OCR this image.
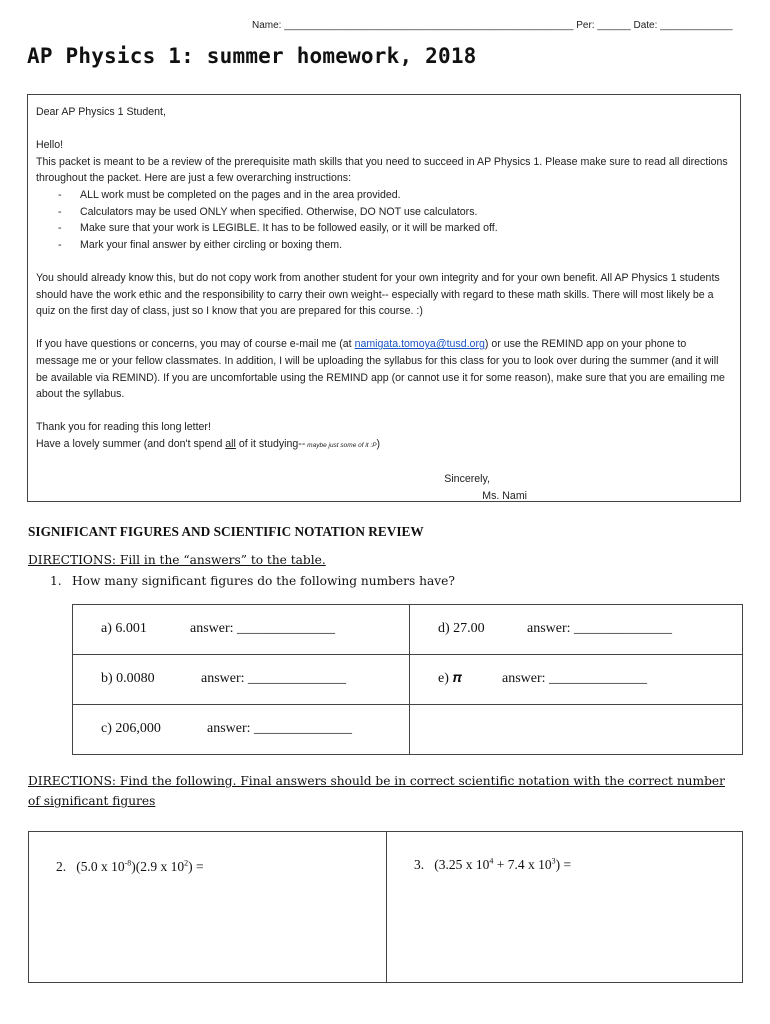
Name: ____________________________________________________ Per: ______ Date: _____________
AP Physics 1: summer homework, 2018

Dear AP Physics 1 Student,

Hello!

This packet is meant to be a review of the prerequisite math skills that you need to succeed in AP Physics 1. Please make sure to read all directions throughout the packet. Here are just a few overarching instructions:

- ALL work must be completed on the pages and in the area provided.
- Calculators may be used ONLY when specified. Otherwise, DO NOT use calculators.
- Make sure that your work is LEGIBLE. It has to be followed easily, or it will be marked off.
- Mark your final answer by either circling or boxing them.

You should already know this, but do not copy work from another student for your own integrity and for your own benefit. All AP Physics 1 students should have the work ethic and the responsibility to carry their own weight-- especially with regard to these math skills. There will most likely be a quiz on the first day of class, just so I know that you are prepared for this course. :)

If you have questions or concerns, you may of course e-mail me (at namigata.tomoya@tusd.org) or use the REMIND app on your phone to message me or your fellow classmates. In addition, I will be uploading the syllabus for this class for you to look over during the summer (and it will be available via REMIND). If you are uncomfortable using the REMIND app (or cannot use it for some reason), make sure that you are emailing me about the syllabus.

Thank you for reading this long letter!

Have a lovely summer (and don't spend all of it studying-- maybe just some of it :P)

Sincerely,

Ms. Nami

SIGNIFICANT FIGURES AND SCIENTIFIC NOTATION REVIEW
DIRECTIONS: Fill in the “answers” to the table.
1. How many significant figures do the following numbers have?
a) 6.001 answer: ______________	d) 27.00 answer: ______________

b) 0.0080 answer: ______________	e) 𝝅 answer: ______________

c) 206,000 answer: ______________	

DIRECTIONS: Find the following. Final answers should be in correct scientific notation with the correct number of significant figures
2. (5.0 x $10^{-8})(2.9$ x $10^2$) =	3. (3.25 x $10^4 + 7.4$ x $10^3$) =
